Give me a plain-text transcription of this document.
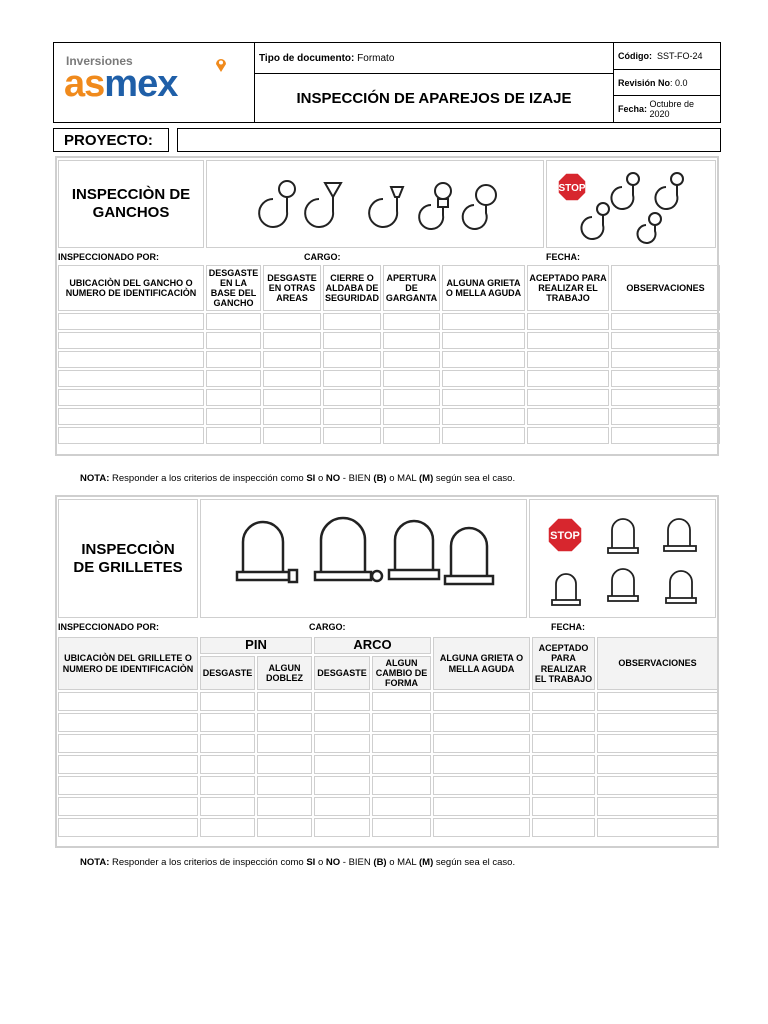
Inversiones
asmex
Tipo de documento: Formato
INSPECCIÓN DE APAREJOS DE IZAJE
Código:
SST-FO-24
Revisión No : 0.0
Fecha:
Octubre de 2020
PROYECTO:
INSPECCIÒN DE
GANCHOS
STOP
INSPECCIONADO POR:	CARGO:	FECHA:
UBICACIÒN DEL GANCHO O NUMERO DE IDENTIFICACIÒN	DESGASTE EN LA BASE DEL GANCHO	DESGASTE EN OTRAS AREAS	CIERRE O ALDABA DE SEGURIDAD	APERTURA DE GARGANTA	ALGUNA GRIETA O MELLA AGUDA	ACEPTADO PARA REALIZAR EL TRABAJO	OBSERVACIONES

NOTA: Responder a los criterios de inspección como SI o NO - BIEN (B) o MAL (M) según sea el caso.
INSPECCIÒN
DE GRILLETES
STOP
INSPECCIONADO POR:	CARGO:	FECHA:
UBICACIÒN DEL GRILLETE O NUMERO DE IDENTIFICACIÒN	PIN		ARCO		ALGUNA GRIETA O MELLA AGUDA	ACEPTADO PARA REALIZAR EL TRABAJO	OBSERVACIONES
	DESGASTE	ALGUN DOBLEZ	DESGASTE	ALGUN CAMBIO DE FORMA			

NOTA: Responder a los criterios de inspección como SI o NO - BIEN (B) o MAL (M) según sea el caso.
